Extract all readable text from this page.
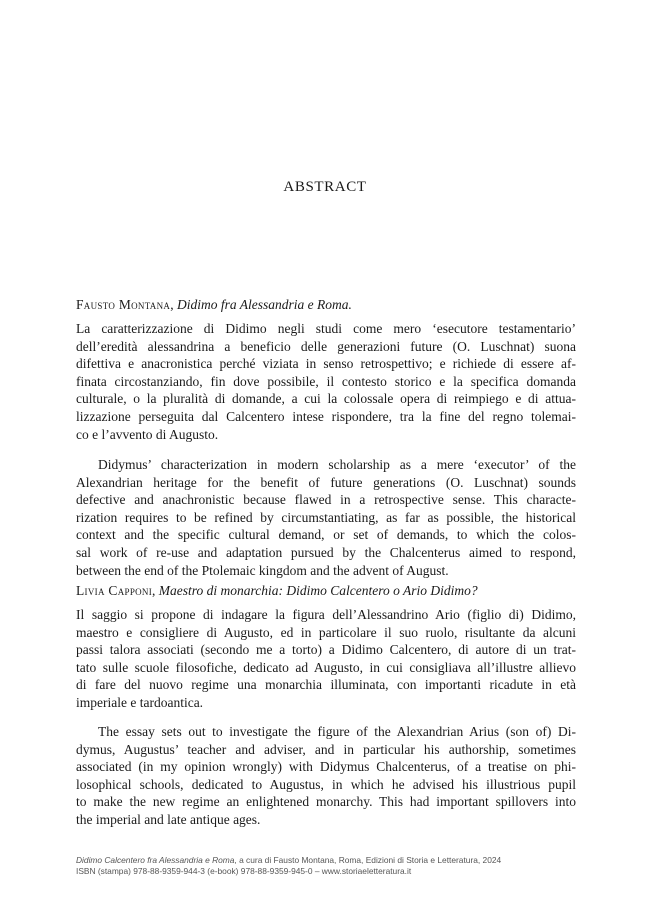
ABSTRACT

Fausto Montana, Didimo fra Alessandria e Roma.

La caratterizzazione di Didimo negli studi come mero ‘esecutore testamentario’
dell’eredità alessandrina a beneficio delle generazioni future (O. Luschnat) suona
difettiva e anacronistica perché viziata in senso retrospettivo; e richiede di essere af-
finata circostanziando, fin dove possibile, il contesto storico e la specifica domanda
culturale, o la pluralità di domande, a cui la colossale opera di reimpiego e di attua-
lizzazione perseguita dal Calcentero intese rispondere, tra la fine del regno tolemai-
co e l’avvento di Augusto.

Didymus’ characterization in modern scholarship as a mere ‘executor’ of the
Alexandrian heritage for the benefit of future generations (O. Luschnat) sounds
defective and anachronistic because flawed in a retrospective sense. This characte-
rization requires to be refined by circumstantiating, as far as possible, the historical
context and the specific cultural demand, or set of demands, to which the colos-
sal work of re-use and adaptation pursued by the Chalcenterus aimed to respond,
between the end of the Ptolemaic kingdom and the advent of August.

Livia Capponi, Maestro di monarchia: Didimo Calcentero o Ario Didimo?

Il saggio si propone di indagare la figura dell’Alessandrino Ario (figlio di) Didimo,
maestro e consigliere di Augusto, ed in particolare il suo ruolo, risultante da alcuni
passi talora associati (secondo me a torto) a Didimo Calcentero, di autore di un trat-
tato sulle scuole filosofiche, dedicato ad Augusto, in cui consigliava all’illustre allievo
di fare del nuovo regime una monarchia illuminata, con importanti ricadute in età
imperiale e tardoantica.

The essay sets out to investigate the figure of the Alexandrian Arius (son of) Di-
dymus, Augustus’ teacher and adviser, and in particular his authorship, sometimes
associated (in my opinion wrongly) with Didymus Chalcenterus, of a treatise on phi-
losophical schools, dedicated to Augustus, in which he advised his illustrious pupil
to make the new regime an enlightened monarchy. This had important spillovers into
the imperial and late antique ages.

Didimo Calcentero fra Alessandria e Roma, a cura di Fausto Montana, Roma, Edizioni di Storia e Letteratura, 2024
ISBN (stampa) 978-88-9359-944-3 (e-book) 978-88-9359-945-0 – www.storiaeletteratura.it
